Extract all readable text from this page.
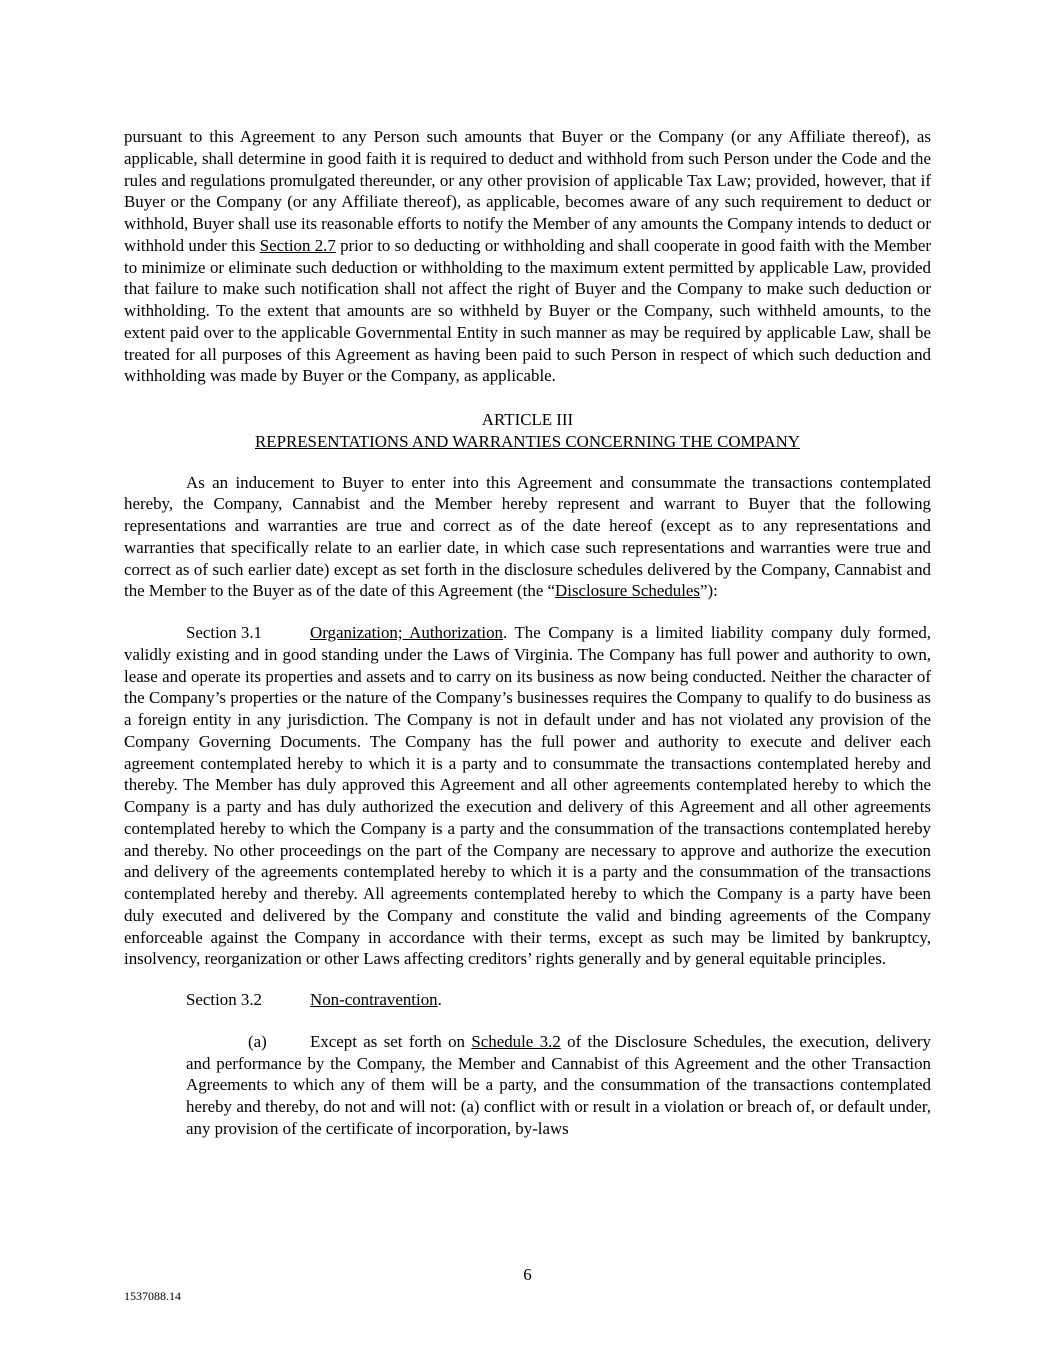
pursuant to this Agreement to any Person such amounts that Buyer or the Company (or any Affiliate thereof), as applicable, shall determine in good faith it is required to deduct and withhold from such Person under the Code and the rules and regulations promulgated thereunder, or any other provision of applicable Tax Law; provided, however, that if Buyer or the Company (or any Affiliate thereof), as applicable, becomes aware of any such requirement to deduct or withhold, Buyer shall use its reasonable efforts to notify the Member of any amounts the Company intends to deduct or withhold under this Section 2.7 prior to so deducting or withholding and shall cooperate in good faith with the Member to minimize or eliminate such deduction or withholding to the maximum extent permitted by applicable Law, provided that failure to make such notification shall not affect the right of Buyer and the Company to make such deduction or withholding. To the extent that amounts are so withheld by Buyer or the Company, such withheld amounts, to the extent paid over to the applicable Governmental Entity in such manner as may be required by applicable Law, shall be treated for all purposes of this Agreement as having been paid to such Person in respect of which such deduction and withholding was made by Buyer or the Company, as applicable.

ARTICLE III
REPRESENTATIONS AND WARRANTIES CONCERNING THE COMPANY

As an inducement to Buyer to enter into this Agreement and consummate the transactions contemplated hereby, the Company, Cannabist and the Member hereby represent and warrant to Buyer that the following representations and warranties are true and correct as of the date hereof (except as to any representations and warranties that specifically relate to an earlier date, in which case such representations and warranties were true and correct as of such earlier date) except as set forth in the disclosure schedules delivered by the Company, Cannabist and the Member to the Buyer as of the date of this Agreement (the “Disclosure Schedules”):

Section 3.1	Organization; Authorization. The Company is a limited liability company duly formed, validly existing and in good standing under the Laws of Virginia. The Company has full power and authority to own, lease and operate its properties and assets and to carry on its business as now being conducted. Neither the character of the Company’s properties or the nature of the Company’s businesses requires the Company to qualify to do business as a foreign entity in any jurisdiction. The Company is not in default under and has not violated any provision of the Company Governing Documents. The Company has the full power and authority to execute and deliver each agreement contemplated hereby to which it is a party and to consummate the transactions contemplated hereby and thereby. The Member has duly approved this Agreement and all other agreements contemplated hereby to which the Company is a party and has duly authorized the execution and delivery of this Agreement and all other agreements contemplated hereby to which the Company is a party and the consummation of the transactions contemplated hereby and thereby. No other proceedings on the part of the Company are necessary to approve and authorize the execution and delivery of the agreements contemplated hereby to which it is a party and the consummation of the transactions contemplated hereby and thereby. All agreements contemplated hereby to which the Company is a party have been duly executed and delivered by the Company and constitute the valid and binding agreements of the Company enforceable against the Company in accordance with their terms, except as such may be limited by bankruptcy, insolvency, reorganization or other Laws affecting creditors’ rights generally and by general equitable principles.

Section 3.2	Non-contravention.

(a)	Except as set forth on Schedule 3.2 of the Disclosure Schedules, the execution, delivery and performance by the Company, the Member and Cannabist of this Agreement and the other Transaction Agreements to which any of them will be a party, and the consummation of the transactions contemplated hereby and thereby, do not and will not: (a) conflict with or result in a violation or breach of, or default under, any provision of the certificate of incorporation, by-laws

6
1537088.14
